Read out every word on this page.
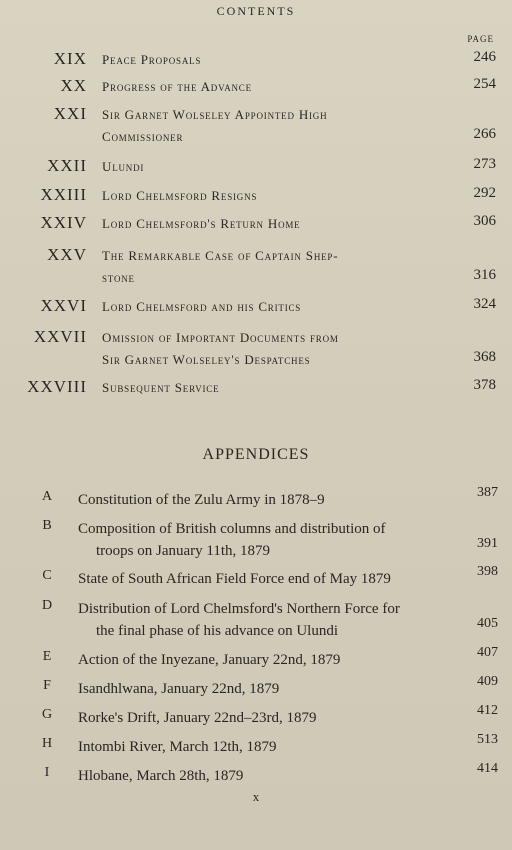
CONTENTS
PAGE
XIX Peace Proposals	246
XX Progress of the Advance	254
XXI Sir Garnet Wolseley Appointed High
Commissioner	266
XXII Ulundi	273
XXIII Lord Chelmsford Resigns	292
XXIV Lord Chelmsford's Return Home	306
XXV The Remarkable Case of Captain Shep-
stone	316
XXVI Lord Chelmsford and his Critics	324
XXVII Omission of Important Documents from
Sir Garnet Wolseley's Despatches	368
XXVIII Subsequent Service	378
APPENDICES
A	Constitution of the Zulu Army in 1878–9	387
B	Composition of British columns and distribution of
troops on January 11th, 1879	391
C	State of South African Field Force end of May 1879	398
D	Distribution of Lord Chelmsford's Northern Force for
the final phase of his advance on Ulundi	405
E	Action of the Inyezane, January 22nd, 1879	407
F	Isandhlwana, January 22nd, 1879	409
G	Rorke's Drift, January 22nd–23rd, 1879	412
H	Intombi River, March 12th, 1879	513
I	Hlobane, March 28th, 1879	414
x
